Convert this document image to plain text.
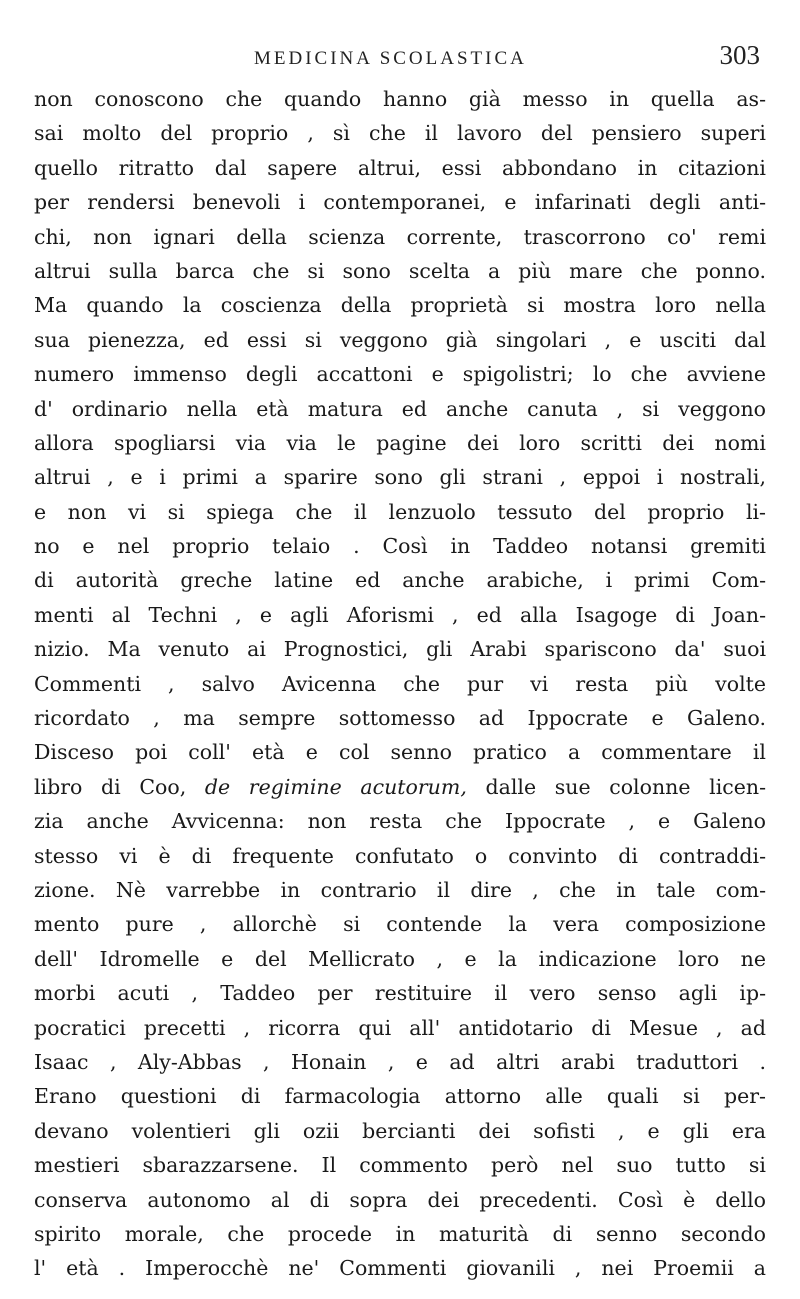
MEDICINA SCOLASTICA	303
non conoscono che quando hanno già messo in quella as-
sai molto del proprio , sì che il lavoro del pensiero superi
quello ritratto dal sapere altrui, essi abbondano in citazioni
per rendersi benevoli i contemporanei, e infarinati degli anti-
chi, non ignari della scienza corrente, trascorrono co' remi
altrui sulla barca che si sono scelta a più mare che ponno.
Ma quando la coscienza della proprietà si mostra loro nella
sua pienezza, ed essi si veggono già singolari , e usciti dal
numero immenso degli accattoni e spigolistri; lo che avviene
d' ordinario nella età matura ed anche canuta , si veggono
allora spogliarsi via via le pagine dei loro scritti dei nomi
altrui , e i primi a sparire sono gli strani , eppoi i nostrali,
e non vi si spiega che il lenzuolo tessuto del proprio li-
no e nel proprio telaio . Così in Taddeo notansi gremiti
di autorità greche latine ed anche arabiche, i primi Com-
menti al Techni , e agli Aforismi , ed alla Isagoge di Joan-
nizio. Ma venuto ai Prognostici, gli Arabi spariscono da' suoi
Commenti , salvo Avicenna che pur vi resta più volte
ricordato , ma sempre sottomesso ad Ippocrate e Galeno.
Disceso poi coll' età e col senno pratico a commentare il
libro di Coo, de regimine acutorum, dalle sue colonne licen-
zia anche Avvicenna: non resta che Ippocrate , e Galeno
stesso vi è di frequente confutato o convinto di contraddi-
zione. Nè varrebbe in contrario il dire , che in tale com-
mento pure , allorchè si contende la vera composizione
dell' Idromelle e del Mellicrato , e la indicazione loro ne
morbi acuti , Taddeo per restituire il vero senso agli ip-
pocratici precetti , ricorra qui all' antidotario di Mesue , ad
Isaac , Aly-Abbas , Honain , e ad altri arabi traduttori .
Erano questioni di farmacologia attorno alle quali si per-
devano volentieri gli ozii bercianti dei sofisti , e gli era
mestieri sbarazzarsene. Il commento però nel suo tutto si
conserva autonomo al di sopra dei precedenti. Così è dello
spirito morale, che procede in maturità di senno secondo
l' età . Imperocchè ne' Commenti giovanili , nei Proemii a
